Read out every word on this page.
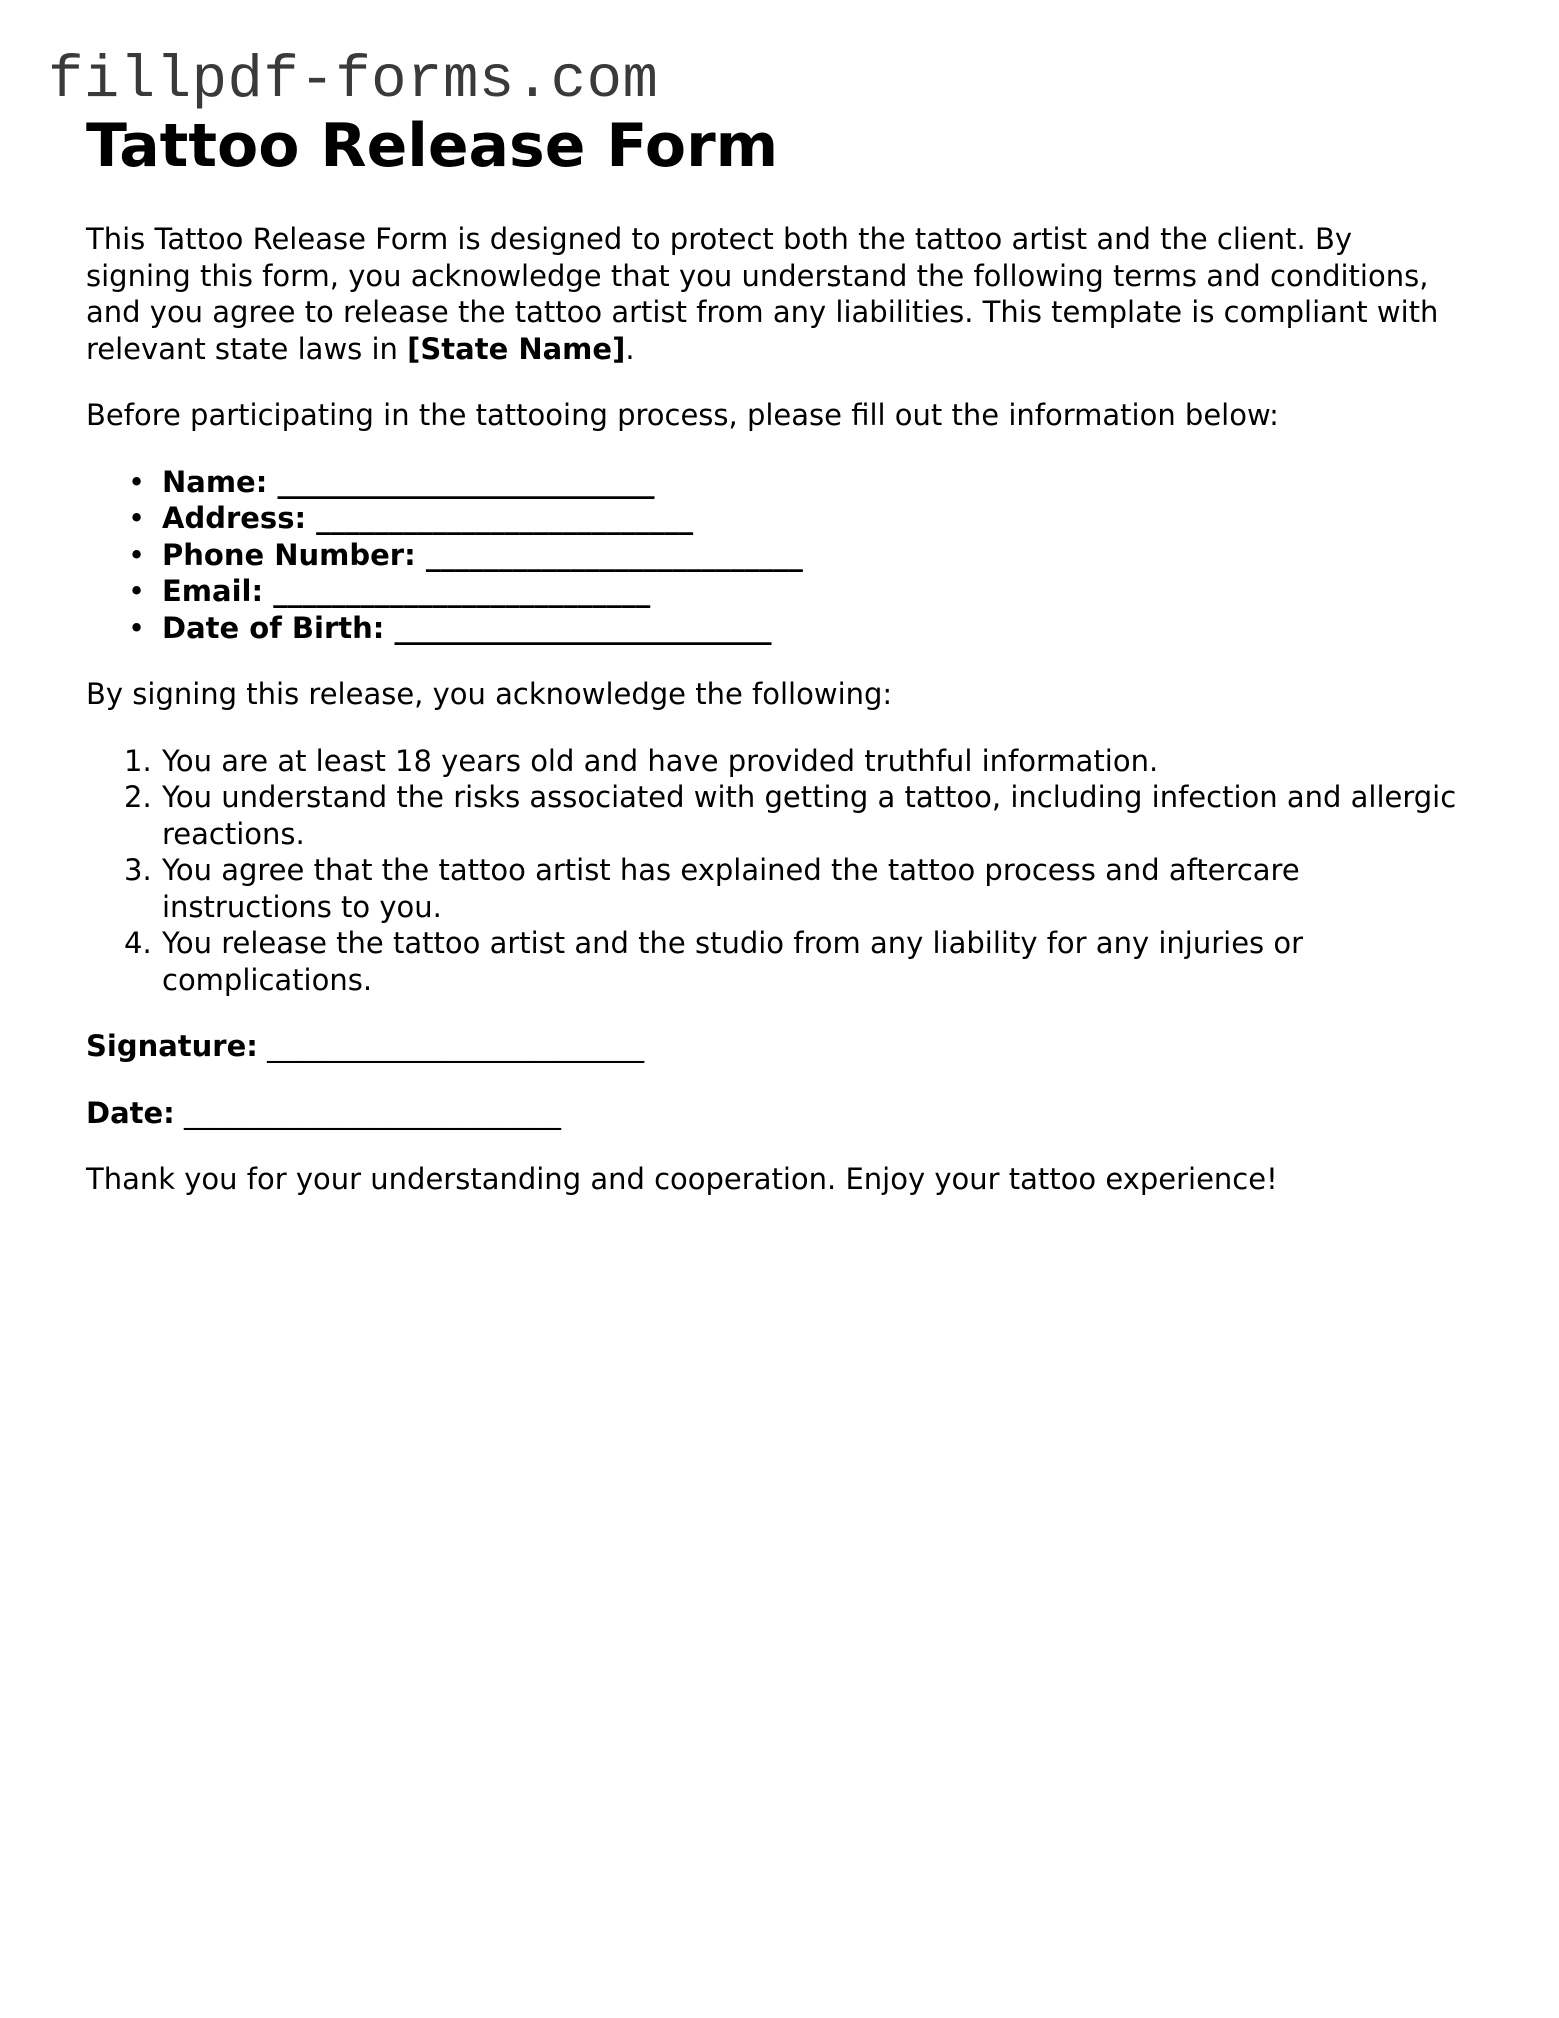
fillpdf-forms.com
Tattoo Release Form

This Tattoo Release Form is designed to protect both the tattoo artist and the client. By signing this form, you acknowledge that you understand the following terms and conditions, and you agree to release the tattoo artist from any liabilities. This template is compliant with relevant state laws in [State Name].

Before participating in the tattooing process, please fill out the information below:

• Name: __________________________
• Address: __________________________
• Phone Number: __________________________
• Email: __________________________
• Date of Birth: __________________________

By signing this release, you acknowledge the following:

1. You are at least 18 years old and have provided truthful information.
2. You understand the risks associated with getting a tattoo, including infection and allergic reactions.
3. You agree that the tattoo artist has explained the tattoo process and aftercare instructions to you.
4. You release the tattoo artist and the studio from any liability for any injuries or complications.

Signature: __________________________

Date: __________________________

Thank you for your understanding and cooperation. Enjoy your tattoo experience!
